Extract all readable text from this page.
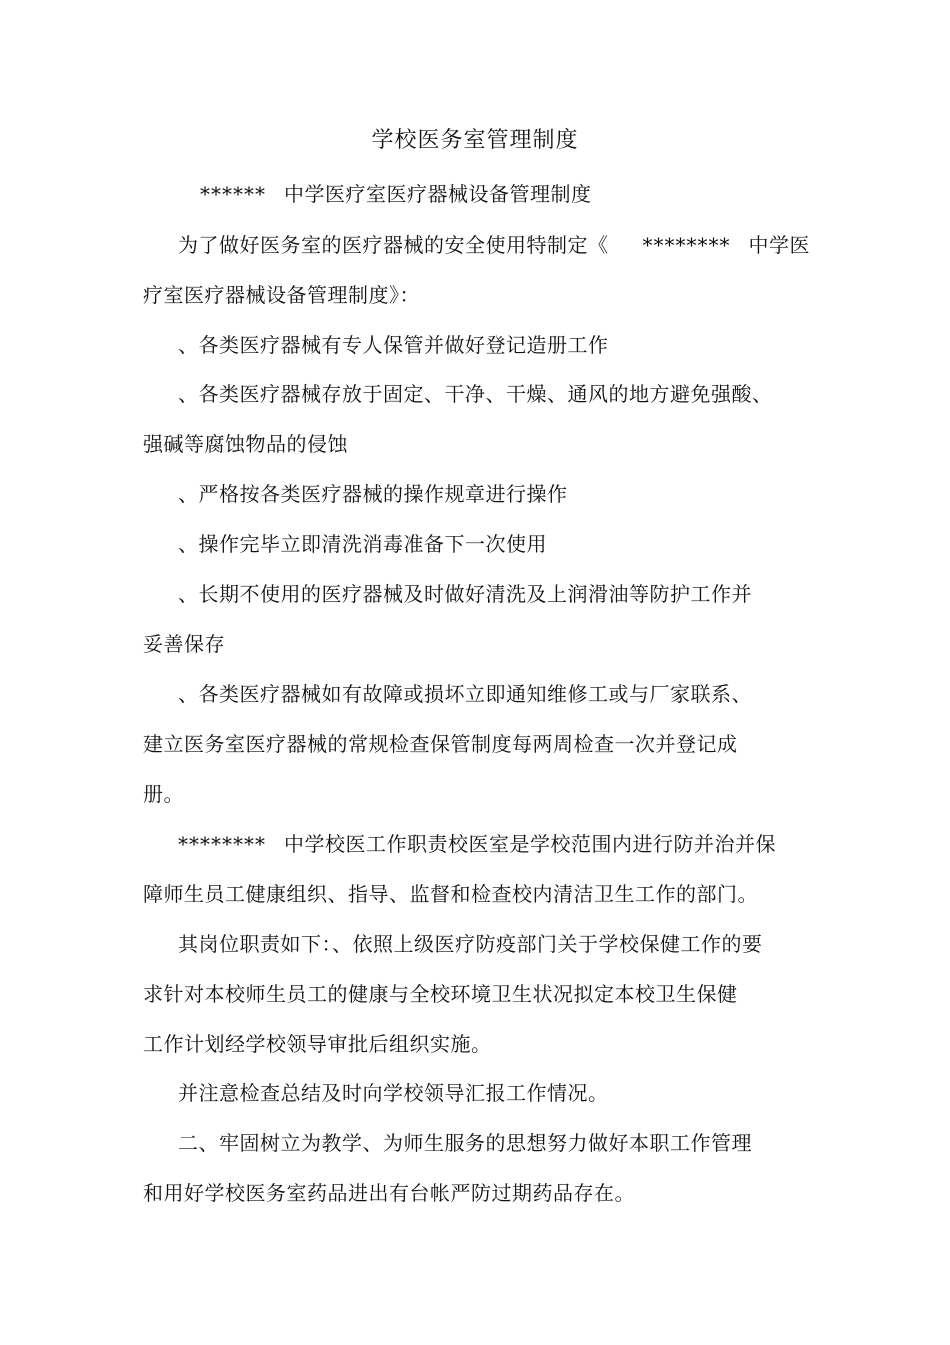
学校医务室管理制度
****** 中学医疗室医疗器械设备管理制度
为了做好医务室的医疗器械的安全使用特制定《 ******** 中学医
疗室医疗器械设备管理制度》：
、各类医疗器械有专人保管并做好登记造册工作
、各类医疗器械存放于固定、干净、干燥、通风的地方避免强酸、
强碱等腐蚀物品的侵蚀
、严格按各类医疗器械的操作规章进行操作
、操作完毕立即清洗消毒准备下一次使用
、长期不使用的医疗器械及时做好清洗及上润滑油等防护工作并
妥善保存
、各类医疗器械如有故障或损坏立即通知维修工或与厂家联系、
建立医务室医疗器械的常规检查保管制度每两周检查一次并登记成
册。
******** 中学校医工作职责校医室是学校范围内进行防并治并保
障师生员工健康组织、指导、监督和检查校内清洁卫生工作的部门。
其岗位职责如下：、依照上级医疗防疫部门关于学校保健工作的要
求针对本校师生员工的健康与全校环境卫生状况拟定本校卫生保健
工作计划经学校领导审批后组织实施。
并注意检查总结及时向学校领导汇报工作情况。
二、牢固树立为教学、为师生服务的思想努力做好本职工作管理
和用好学校医务室药品进出有台帐严防过期药品存在。
